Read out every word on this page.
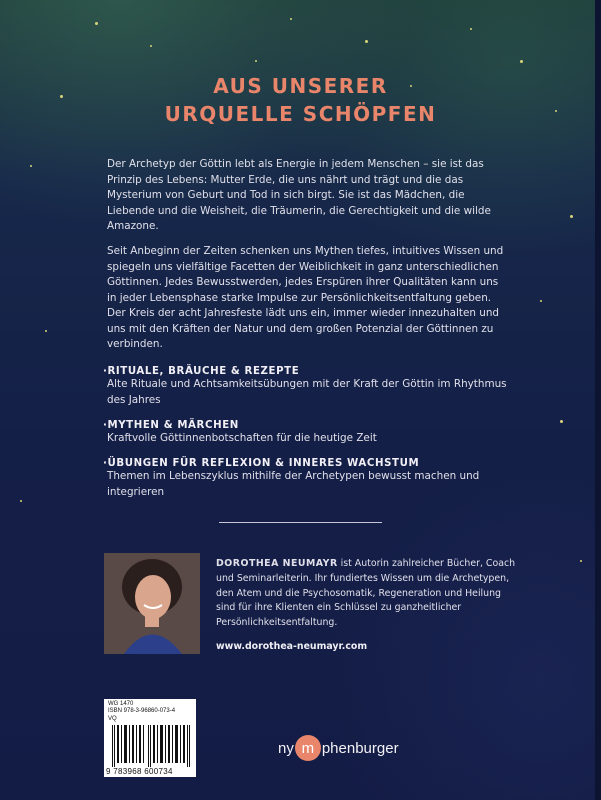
AUS UNSERER
URQUELLE SCHÖPFEN

Der Archetyp der Göttin lebt als Energie in jedem Menschen – sie ist das Prinzip des Lebens: Mutter Erde, die uns nährt und trägt und die das Mysterium von Geburt und Tod in sich birgt. Sie ist das Mädchen, die Liebende und die Weisheit, die Träumerin, die Gerechtigkeit und die wilde Amazone.

Seit Anbeginn der Zeiten schenken uns Mythen tiefes, intuitives Wissen und spiegeln uns vielfältige Facetten der Weiblichkeit in ganz unterschiedlichen Göttinnen. Jedes Bewusstwerden, jedes Erspüren ihrer Qualitäten kann uns in jeder Lebensphase starke Impulse zur Persönlichkeitsentfaltung geben. Der Kreis der acht Jahresfeste lädt uns ein, immer wieder innezuhalten und uns mit den Kräften der Natur und dem großen Potenzial der Göttinnen zu verbinden.

·RITUALE, BRÄUCHE & REZEPTE
Alte Rituale und Achtsamkeitsübungen mit der Kraft der Göttin im Rhythmus des Jahres
·MYTHEN & MÄRCHEN
Kraftvolle Göttinnenbotschaften für die heutige Zeit
·ÜBUNGEN FÜR REFLEXION & INNERES WACHSTUM
Themen im Lebenszyklus mithilfe der Archetypen bewusst machen und integrieren

DOROTHEA NEUMAYR ist Autorin zahlreicher Bücher, Coach und Seminarleiterin. Ihr fundiertes Wissen um die Archetypen, den Atem und die Psychosomatik, Regeneration und Heilung sind für ihre Klienten ein Schlüssel zu ganzheitlicher Persönlichkeitsentfaltung.

www.dorothea-neumayr.com
WG 1470
ISBN 978-3-96860-073-4
VQ
9 783968 600734
ny m phenburger
